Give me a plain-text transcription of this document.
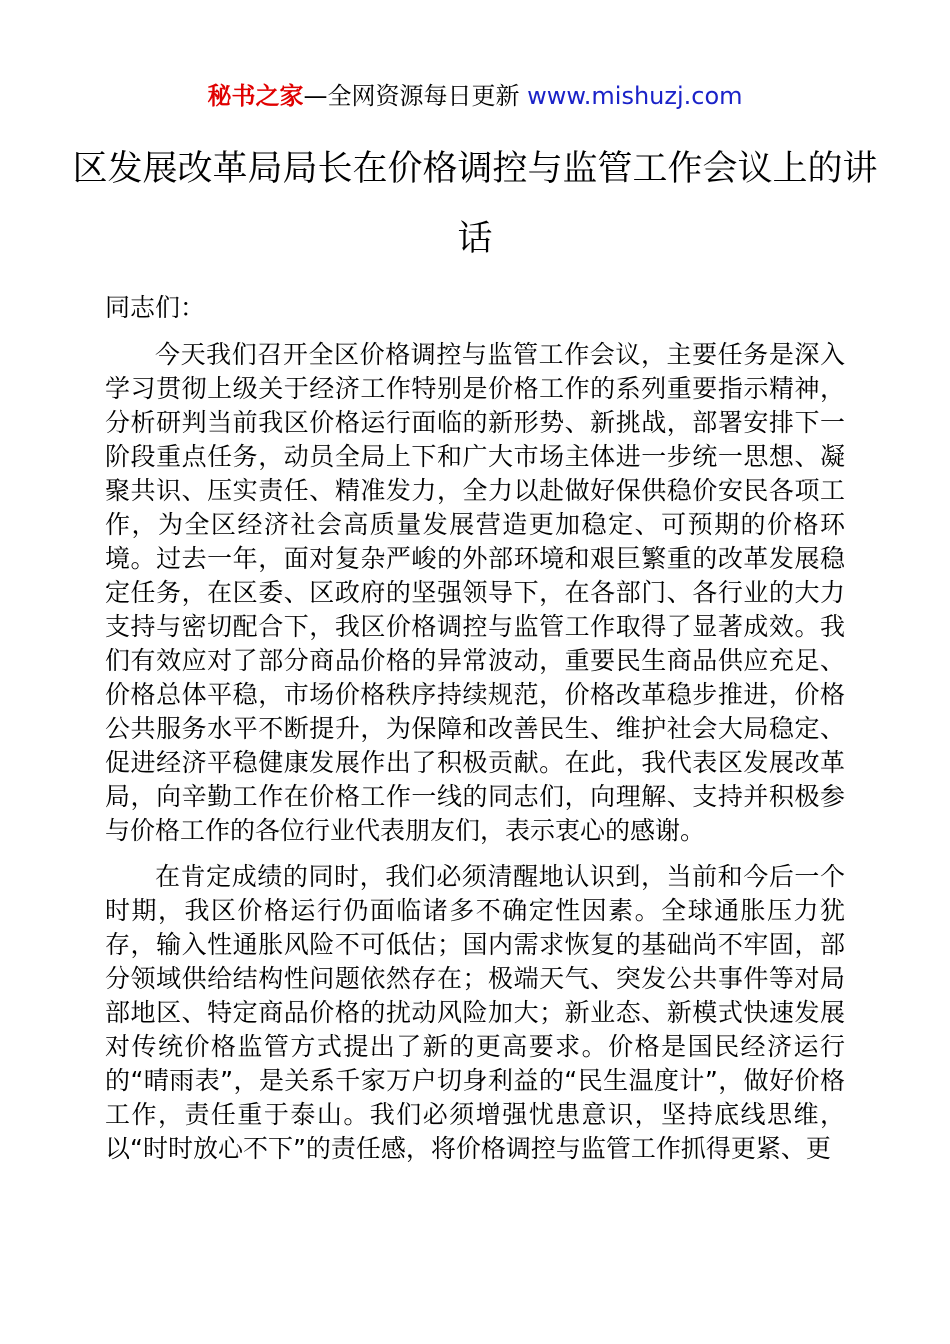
秘书之家—全网资源每日更新 www.mishuzj.com
区发展改革局局长在价格调控与监管工作会议上的讲话

同志们：

今天我们召开全区价格调控与监管工作会议，主要任务是深入学习贯彻上级关于经济工作特别是价格工作的系列重要指示精神，分析研判当前我区价格运行面临的新形势、新挑战，部署安排下一阶段重点任务，动员全局上下和广大市场主体进一步统一思想、凝聚共识、压实责任、精准发力，全力以赴做好保供稳价安民各项工作，为全区经济社会高质量发展营造更加稳定、可预期的价格环境。过去一年，面对复杂严峻的外部环境和艰巨繁重的改革发展稳定任务，在区委、区政府的坚强领导下，在各部门、各行业的大力支持与密切配合下，我区价格调控与监管工作取得了显著成效。我们有效应对了部分商品价格的异常波动，重要民生商品供应充足、价格总体平稳，市场价格秩序持续规范，价格改革稳步推进，价格公共服务水平不断提升，为保障和改善民生、维护社会大局稳定、促进经济平稳健康发展作出了积极贡献。在此，我代表区发展改革局，向辛勤工作在价格工作一线的同志们，向理解、支持并积极参与价格工作的各位行业代表朋友们，表示衷心的感谢。

在肯定成绩的同时，我们必须清醒地认识到，当前和今后一个时期，我区价格运行仍面临诸多不确定性因素。全球通胀压力犹存，输入性通胀风险不可低估；国内需求恢复的基础尚不牢固，部分领域供给结构性问题依然存在；极端天气、突发公共事件等对局部地区、特定商品价格的扰动风险加大；新业态、新模式快速发展对传统价格监管方式提出了新的更高要求。价格是国民经济运行的“晴雨表”，是关系千家万户切身利益的“民生温度计”，做好价格工作，责任重于泰山。我们必须增强忧患意识，坚持底线思维，以“时时放心不下”的责任感，将价格调控与监管工作抓得更紧、更
